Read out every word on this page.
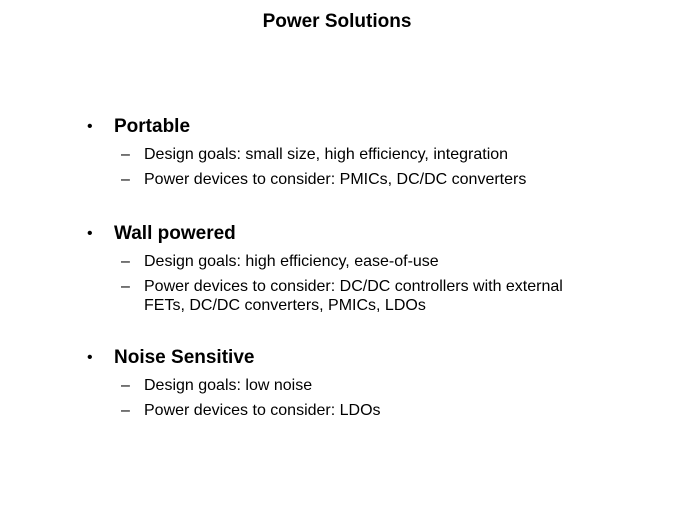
Power Solutions
• Portable
– Design goals: small size, high efficiency, integration
– Power devices to consider: PMICs, DC/DC converters
• Wall powered
– Design goals: high efficiency, ease-of-use
– Power devices to consider: DC/DC controllers with external FETs, DC/DC converters, PMICs, LDOs
• Noise Sensitive
– Design goals: low noise
– Power devices to consider: LDOs
